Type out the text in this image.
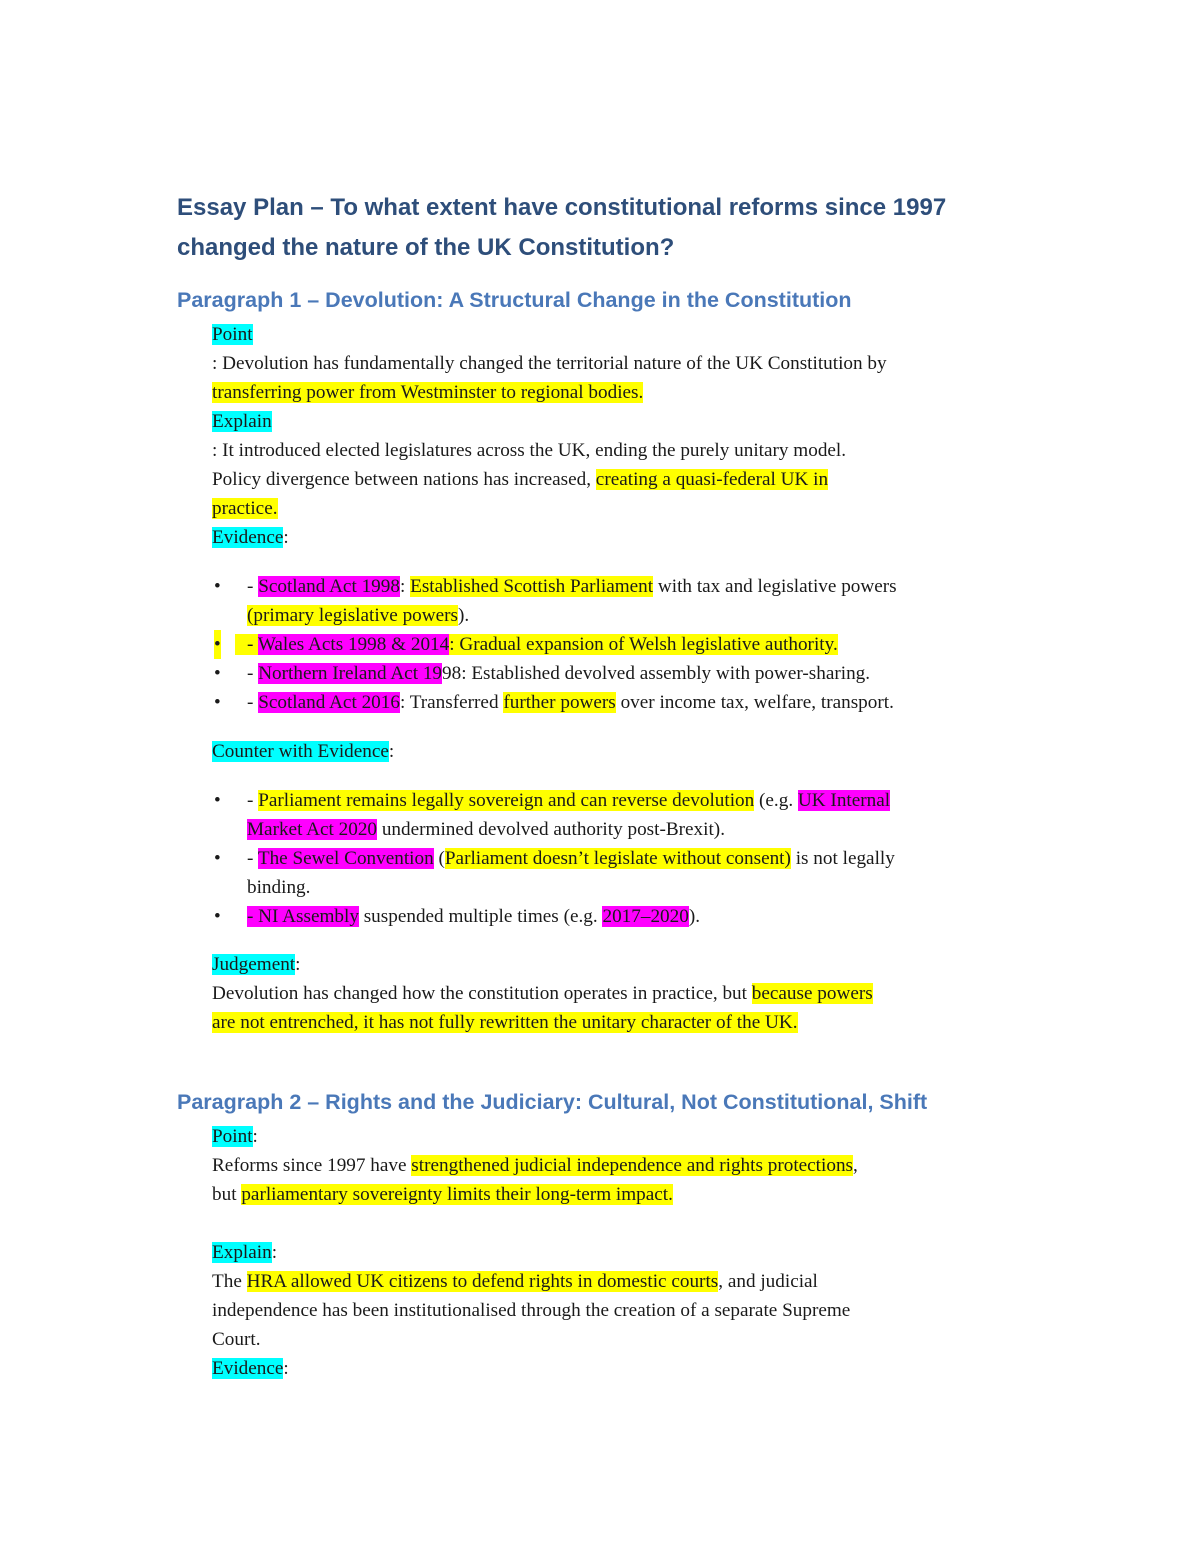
Essay Plan – To what extent have constitutional reforms since 1997
changed the nature of the UK Constitution?
Paragraph 1 – Devolution: A Structural Change in the Constitution
Point
: Devolution has fundamentally changed the territorial nature of the UK Constitution by
transferring power from Westminster to regional bodies.
Explain
: It introduced elected legislatures across the UK, ending the purely unitary model.
Policy divergence between nations has increased, creating a quasi-federal UK in
practice.
Evidence:
• - Scotland Act 1998: Established Scottish Parliament with tax and legislative powers
(primary legislative powers).
• - Wales Acts 1998 & 2014: Gradual expansion of Welsh legislative authority.
• - Northern Ireland Act 1998: Established devolved assembly with power-sharing.
• - Scotland Act 2016: Transferred further powers over income tax, welfare, transport.
Counter with Evidence:
• - Parliament remains legally sovereign and can reverse devolution (e.g. UK Internal
Market Act 2020 undermined devolved authority post-Brexit).
• - The Sewel Convention (Parliament doesn’t legislate without consent) is not legally
binding.
• - NI Assembly suspended multiple times (e.g. 2017–2020).
Judgement:
Devolution has changed how the constitution operates in practice, but because powers
are not entrenched, it has not fully rewritten the unitary character of the UK.
Paragraph 2 – Rights and the Judiciary: Cultural, Not Constitutional, Shift
Point:
Reforms since 1997 have strengthened judicial independence and rights protections,
but parliamentary sovereignty limits their long-term impact.

Explain:
The HRA allowed UK citizens to defend rights in domestic courts, and judicial
independence has been institutionalised through the creation of a separate Supreme
Court.
Evidence:
